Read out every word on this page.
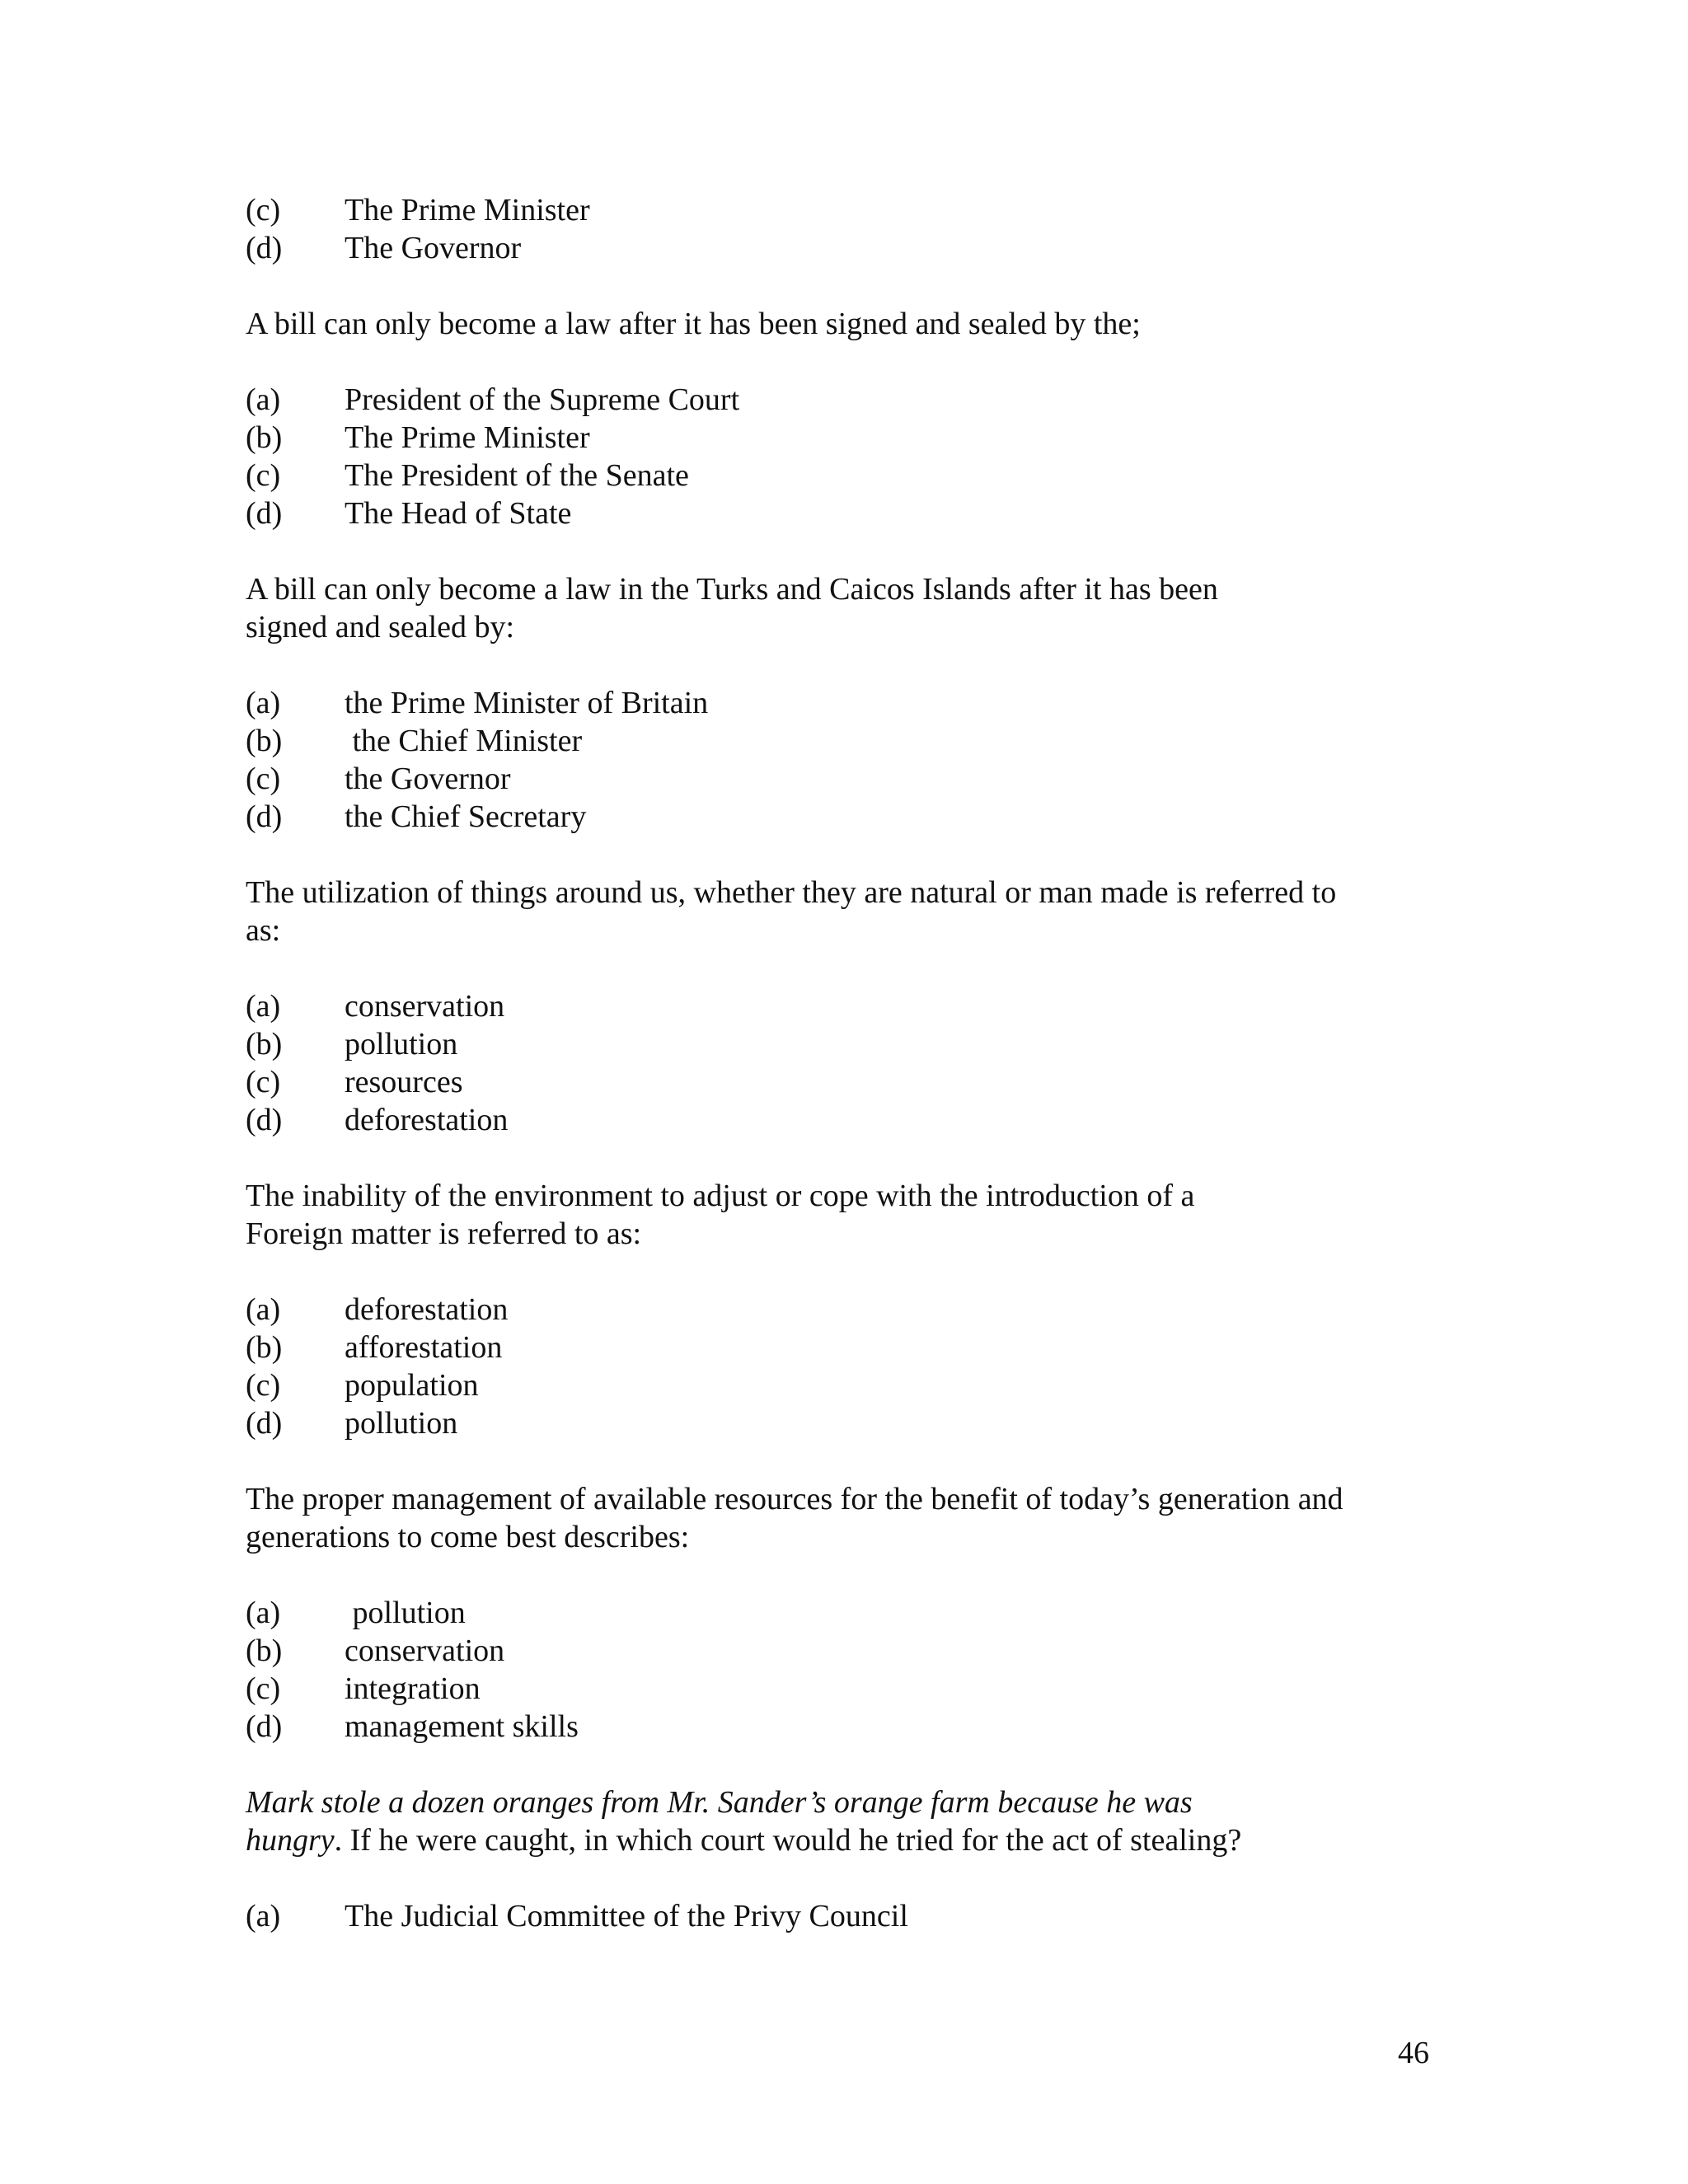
(c)	The Prime Minister
(d)	The Governor

A bill can only become a law after it has been signed and sealed by the;

(a)	President of the Supreme Court
(b)	The Prime Minister
(c)	The President of the Senate
(d)	The Head of State

A bill can only become a law in the Turks and Caicos Islands after it has been
signed and sealed by:

(a)	the Prime Minister of Britain
(b)	the Chief Minister
(c)	the Governor
(d)	the Chief Secretary

The utilization of things around us, whether they are natural or man made is referred to
as:

(a)	conservation
(b)	pollution
(c)	resources
(d)	deforestation

The inability of the environment to adjust or cope with the introduction of a
Foreign matter is referred to as:

(a)	deforestation
(b)	afforestation
(c)	population
(d)	pollution

The proper management of available resources for the benefit of today’s generation and
generations to come best describes:

(a)	pollution
(b)	conservation
(c)	integration
(d)	management skills

Mark stole a dozen oranges from Mr. Sander’s orange farm because he was
hungry. If he were caught, in which court would he tried for the act of stealing?

(a)	The Judicial Committee of the Privy Council
46
